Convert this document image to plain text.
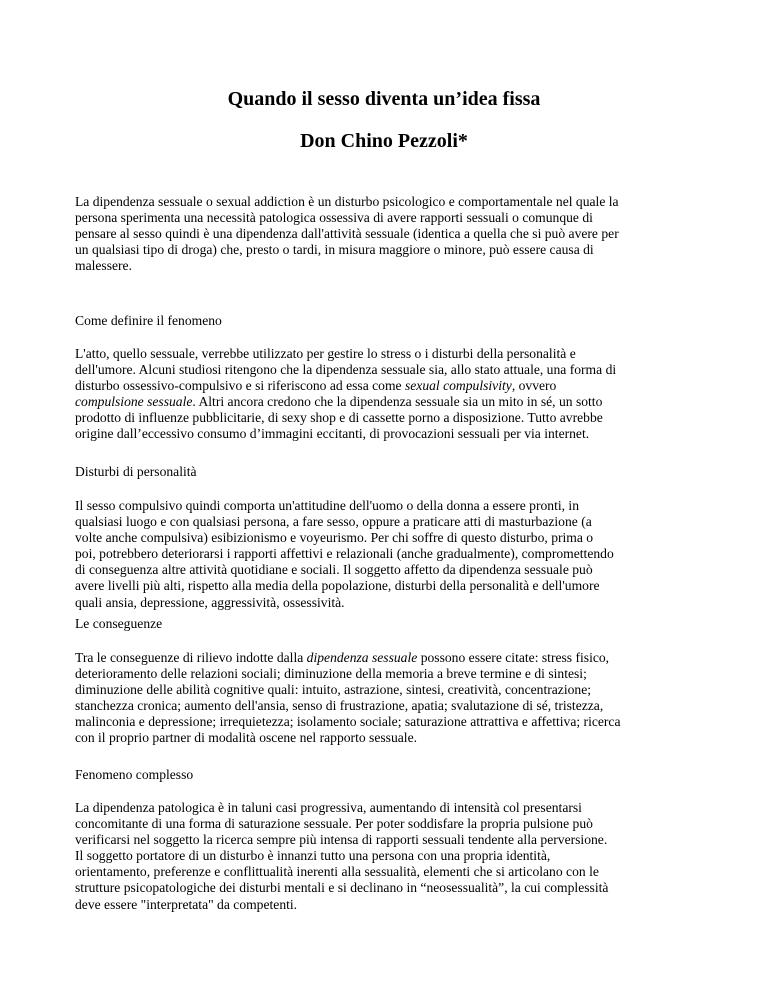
Quando il sesso diventa un’idea fissa
Don Chino Pezzoli*

La dipendenza sessuale o sexual addiction è un disturbo psicologico e comportamentale nel quale la
persona sperimenta una necessità patologica ossessiva di avere rapporti sessuali o comunque di
pensare al sesso quindi è una dipendenza dall'attività sessuale (identica a quella che si può avere per
un qualsiasi tipo di droga) che, presto o tardi, in misura maggiore o minore, può essere causa di
malessere.

Come definire il fenomeno

L'atto, quello sessuale, verrebbe utilizzato per gestire lo stress o i disturbi della personalità e
dell'umore. Alcuni studiosi ritengono che la dipendenza sessuale sia, allo stato attuale, una forma di
disturbo ossessivo-compulsivo e si riferiscono ad essa come sexual compulsivity, ovvero
compulsione sessuale. Altri ancora credono che la dipendenza sessuale sia un mito in sé, un sotto
prodotto di influenze pubblicitarie, di sexy shop e di cassette porno a disposizione. Tutto avrebbe
origine dall’eccessivo consumo d’immagini eccitanti, di provocazioni sessuali per via internet.

Disturbi di personalità

Il sesso compulsivo quindi comporta un'attitudine dell'uomo o della donna a essere pronti, in
qualsiasi luogo e con qualsiasi persona, a fare sesso, oppure a praticare atti di masturbazione (a
volte anche compulsiva) esibizionismo e voyeurismo. Per chi soffre di questo disturbo, prima o
poi, potrebbero deteriorarsi i rapporti affettivi e relazionali (anche gradualmente), compromettendo
di conseguenza altre attività quotidiane e sociali. Il soggetto affetto da dipendenza sessuale può
avere livelli più alti, rispetto alla media della popolazione, disturbi della personalità e dell'umore
quali ansia, depressione, aggressività, ossessività.

Le conseguenze

Tra le conseguenze di rilievo indotte dalla dipendenza sessuale possono essere citate: stress fisico,
deterioramento delle relazioni sociali; diminuzione della memoria a breve termine e di sintesi;
diminuzione delle abilità cognitive quali: intuito, astrazione, sintesi, creatività, concentrazione;
stanchezza cronica; aumento dell'ansia, senso di frustrazione, apatia; svalutazione di sé, tristezza,
malinconia e depressione; irrequietezza; isolamento sociale; saturazione attrattiva e affettiva; ricerca
con il proprio partner di modalità oscene nel rapporto sessuale.

Fenomeno complesso

La dipendenza patologica è in taluni casi progressiva, aumentando di intensità col presentarsi
concomitante di una forma di saturazione sessuale. Per poter soddisfare la propria pulsione può
verificarsi nel soggetto la ricerca sempre più intensa di rapporti sessuali tendente alla perversione.
Il soggetto portatore di un disturbo è innanzi tutto una persona con una propria identità,
orientamento, preferenze e conflittualità inerenti alla sessualità, elementi che si articolano con le
strutture psicopatologiche dei disturbi mentali e si declinano in “neosessualità”, la cui complessità
deve essere "interpretata" da competenti.
